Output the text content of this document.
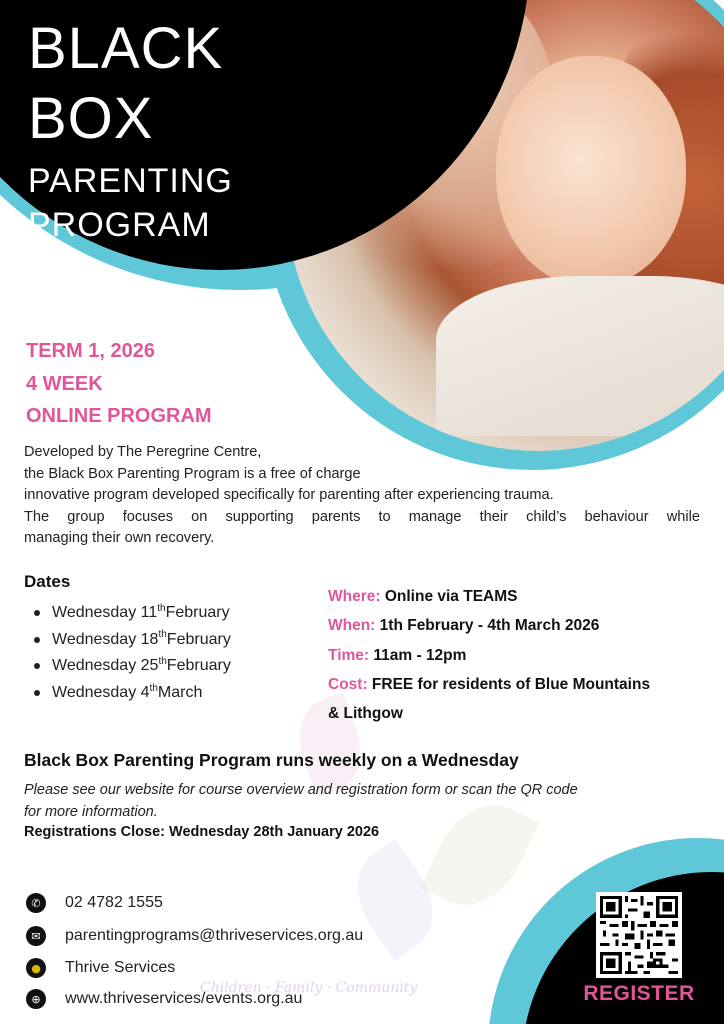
BLACK
BOX
PARENTING
PROGRAM
TERM 1, 2026
4 WEEK
ONLINE PROGRAM
Developed by The Peregrine Centre,
the Black Box Parenting Program is a free of charge
innovative program developed specifically for parenting after experiencing trauma.
The group focuses on supporting parents to manage their child’s behaviour while
managing their own recovery.
Dates
Wednesday 11th February
Wednesday 18th February
Wednesday 25th February
Wednesday 4th March
Where: Online via TEAMS
When: 1th February - 4th March 2026
Time: 11am - 12pm
Cost: FREE for residents of Blue Mountains
& Lithgow
Black Box Parenting Program runs weekly on a Wednesday
Please see our website for course overview and registration form or scan the QR code for more information.
Registrations Close: Wednesday 28th January 2026
✆	02 4782 1555
✉	parentingprograms@thriveservices.org.au
●	Thrive Services
⊕	www.thriveservices/events.org.au
Children · Family · Community	REGISTER
